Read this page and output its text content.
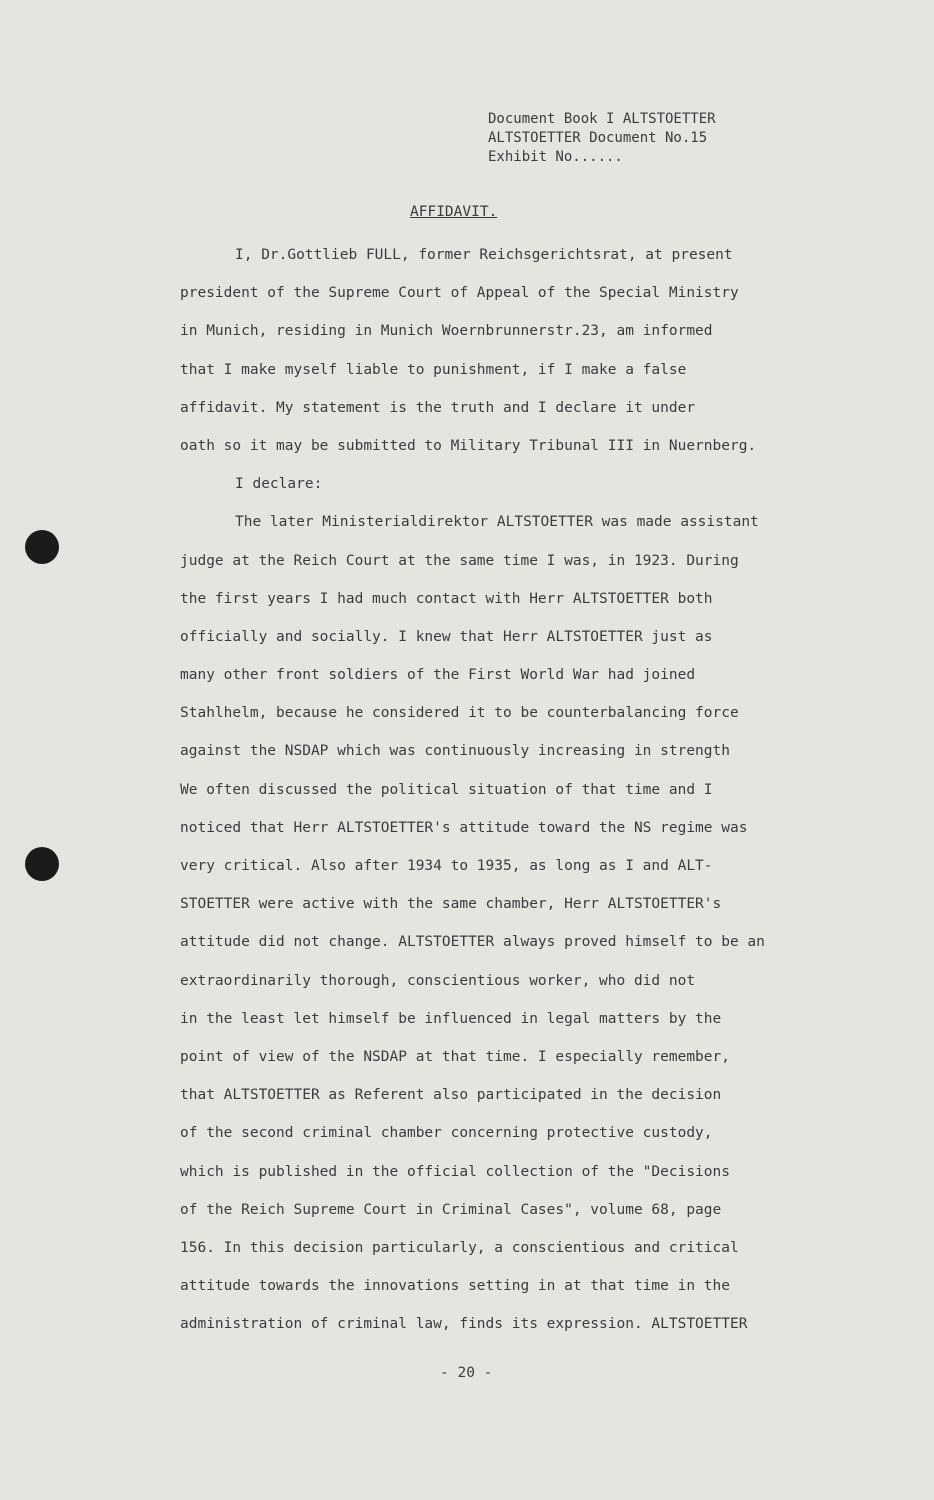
Document Book I ALTSTOETTER
ALTSTOETTER Document No.15
Exhibit No......
AFFIDAVIT.
I, Dr.Gottlieb FULL, former Reichsgerichtsrat, at present
president of the Supreme Court of Appeal of the Special Ministry
in Munich, residing in Munich Woernbrunnerstr.23, am informed
that I make myself liable to punishment, if I make a false
affidavit. My statement is the truth and I declare it under
oath so it may be submitted to Military Tribunal III in Nuernberg.
I declare:
The later Ministerialdirektor ALTSTOETTER was made assistant
judge at the Reich Court at the same time I was, in 1923. During
the first years I had much contact with Herr ALTSTOETTER both
officially and socially. I knew that Herr ALTSTOETTER just as
many other front soldiers of the First World War had joined
Stahlhelm, because he considered it to be counterbalancing force
against the NSDAP which was continuously increasing in strength
We often discussed the political situation of that time and I
noticed that Herr ALTSTOETTER's attitude toward the NS regime was
very critical. Also after 1934 to 1935, as long as I and ALT-
STOETTER were active with the same chamber, Herr ALTSTOETTER's
attitude did not change. ALTSTOETTER always proved himself to be an
extraordinarily thorough, conscientious worker, who did not
in the least let himself be influenced in legal matters by the
point of view of the NSDAP at that time. I especially remember,
that ALTSTOETTER as Referent also participated in the decision
of the second criminal chamber concerning protective custody,
which is published in the official collection of the "Decisions
of the Reich Supreme Court in Criminal Cases", volume 68, page
156. In this decision particularly, a conscientious and critical
attitude towards the innovations setting in at that time in the
administration of criminal law, finds its expression. ALTSTOETTER
- 20 -
